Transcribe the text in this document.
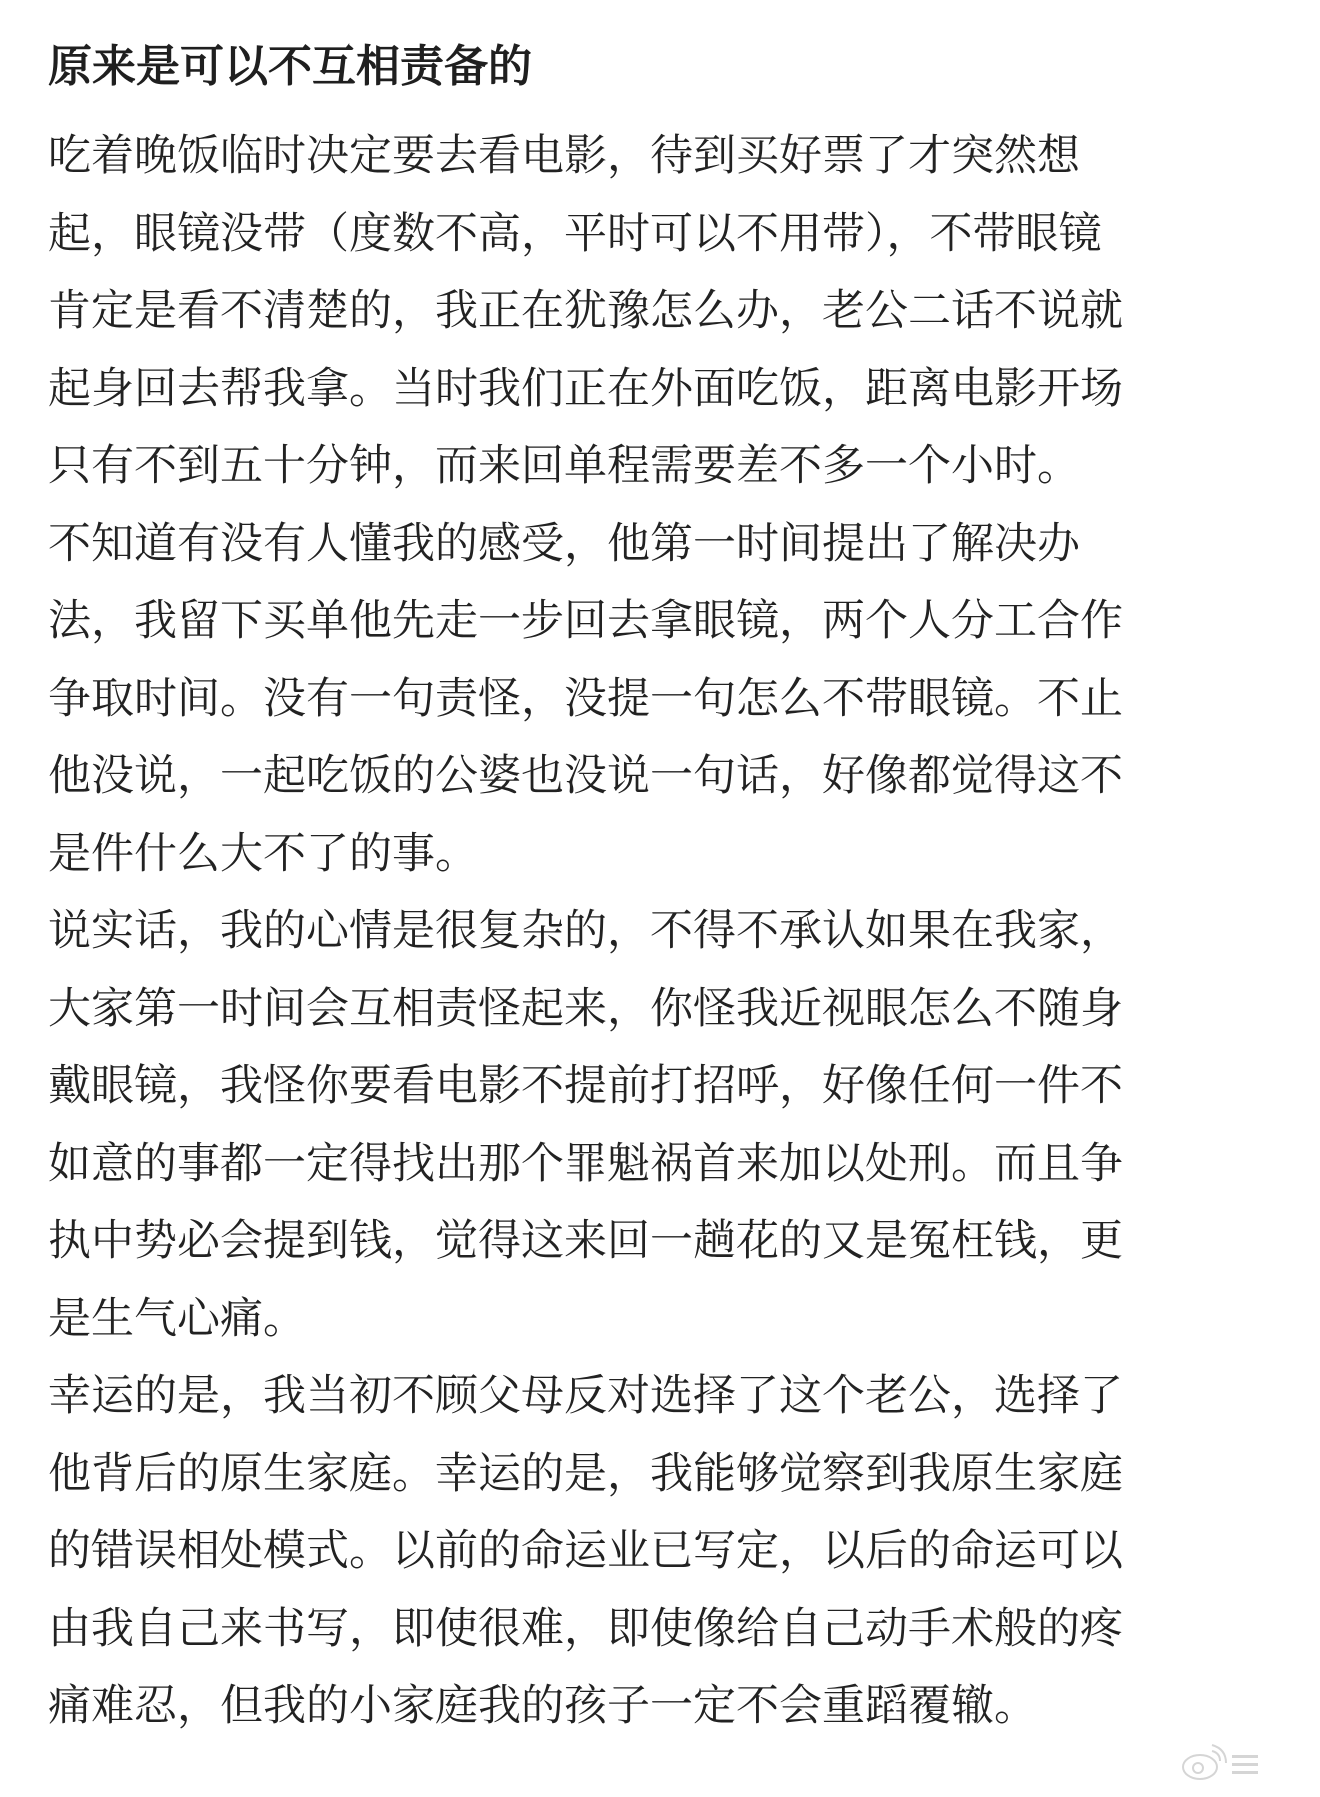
原来是可以不互相责备的

吃着晚饭临时决定要去看电影，待到买好票了才突然想
起，眼镜没带（度数不高，平时可以不用带），不带眼镜
肯定是看不清楚的，我正在犹豫怎么办，老公二话不说就
起身回去帮我拿。当时我们正在外面吃饭，距离电影开场
只有不到五十分钟，而来回单程需要差不多一个小时。

不知道有没有人懂我的感受，他第一时间提出了解决办
法，我留下买单他先走一步回去拿眼镜，两个人分工合作
争取时间。没有一句责怪，没提一句怎么不带眼镜。不止
他没说，一起吃饭的公婆也没说一句话，好像都觉得这不
是件什么大不了的事。

说实话，我的心情是很复杂的，不得不承认如果在我家，
大家第一时间会互相责怪起来，你怪我近视眼怎么不随身
戴眼镜，我怪你要看电影不提前打招呼，好像任何一件不
如意的事都一定得找出那个罪魁祸首来加以处刑。而且争
执中势必会提到钱，觉得这来回一趟花的又是冤枉钱，更
是生气心痛。

幸运的是，我当初不顾父母反对选择了这个老公，选择了
他背后的原生家庭。幸运的是，我能够觉察到我原生家庭
的错误相处模式。以前的命运业已写定，以后的命运可以
由我自己来书写，即使很难，即使像给自己动手术般的疼
痛难忍，但我的小家庭我的孩子一定不会重蹈覆辙。
